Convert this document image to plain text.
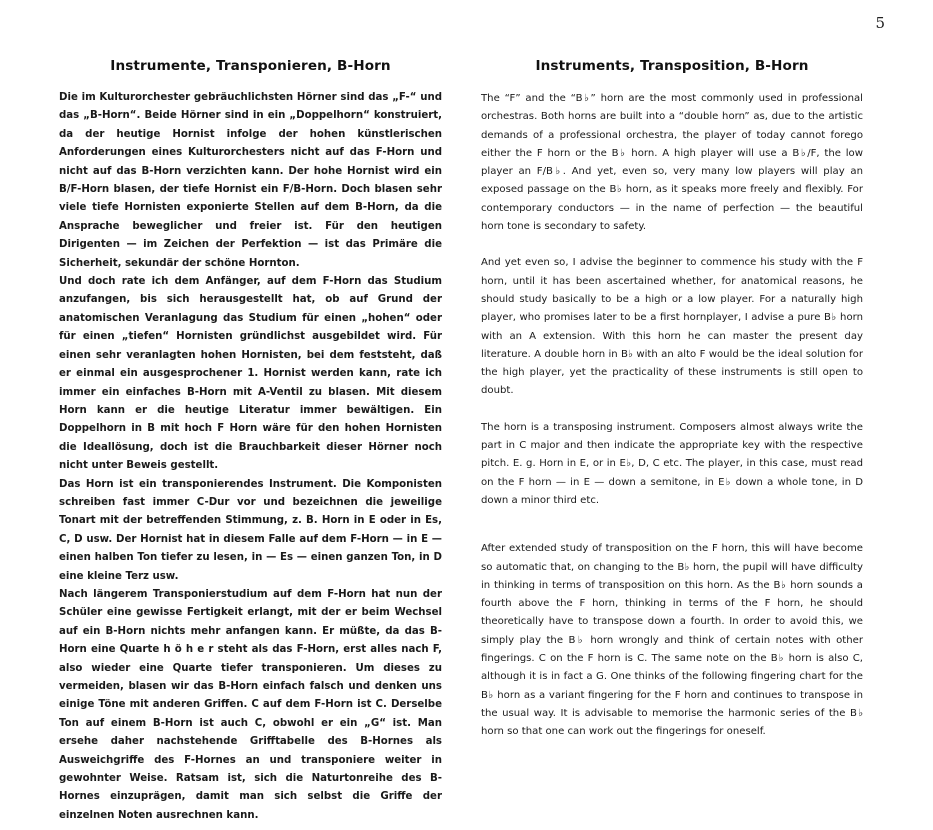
5
Instrumente, Transponieren, B-Horn

Die im Kulturorchester gebräuchlichsten Hörner sind das „F-“ und das „B-Horn“. Beide Hörner sind in ein „Doppelhorn“ konstruiert, da der heutige Hornist infolge der hohen künstlerischen Anforderungen eines Kulturorchesters nicht auf das F-Horn und nicht auf das B-Horn verzichten kann. Der hohe Hornist wird ein B/F-Horn blasen, der tiefe Hornist ein F/B-Horn. Doch blasen sehr viele tiefe Hornisten exponierte Stellen auf dem B-Horn, da die Ansprache beweglicher und freier ist. Für den heutigen Dirigenten — im Zeichen der Perfektion — ist das Primäre die Sicherheit, sekundär der schöne Hornton.

Und doch rate ich dem Anfänger, auf dem F-Horn das Studium anzufangen, bis sich herausgestellt hat, ob auf Grund der anatomischen Veranlagung das Studium für einen „hohen“ oder für einen „tiefen“ Hornisten gründlichst ausgebildet wird. Für einen sehr veranlagten hohen Hornisten, bei dem feststeht, daß er einmal ein ausgesprochener 1. Hornist werden kann, rate ich immer ein einfaches B-Horn mit A-Ventil zu blasen. Mit diesem Horn kann er die heutige Literatur immer bewältigen. Ein Doppelhorn in B mit hoch F Horn wäre für den hohen Hornisten die Ideallösung, doch ist die Brauchbarkeit dieser Hörner noch nicht unter Beweis gestellt.

Das Horn ist ein transponierendes Instrument. Die Komponisten schreiben fast immer C-Dur vor und bezeichnen die jeweilige Tonart mit der betreffenden Stimmung, z. B. Horn in E oder in Es, C, D usw. Der Hornist hat in diesem Falle auf dem F-Horn — in E — einen halben Ton tiefer zu lesen, in — Es — einen ganzen Ton, in D eine kleine Terz usw.

Nach längerem Transponierstudium auf dem F-Horn hat nun der Schüler eine gewisse Fertigkeit erlangt, mit der er beim Wechsel auf ein B-Horn nichts mehr anfangen kann. Er müßte, da das B-Horn eine Quarte h ö h e r steht als das F-Horn, erst alles nach F, also wieder eine Quarte tiefer transponieren. Um dieses zu vermeiden, blasen wir das B-Horn einfach falsch und denken uns einige Töne mit anderen Griffen. C auf dem F-Horn ist C. Derselbe Ton auf einem B-Horn ist auch C, obwohl er ein „G“ ist. Man ersehe daher nachstehende Grifftabelle des B-Hornes als Ausweichgriffe des F-Hornes an und transponiere weiter in gewohnter Weise. Ratsam ist, sich die Naturtonreihe des B-Hornes einzuprägen, damit man sich selbst die Griffe der einzelnen Noten ausrechnen kann.

Instruments, Transposition, B-Horn

The “F” and the “B♭” horn are the most commonly used in professional orchestras. Both horns are built into a “double horn” as, due to the artistic demands of a professional orchestra, the player of today cannot forego either the F horn or the B♭ horn. A high player will use a B♭/F, the low player an F/B♭. And yet, even so, very many low players will play an exposed passage on the B♭ horn, as it speaks more freely and flexibly. For contemporary conductors — in the name of perfection — the beautiful horn tone is secondary to safety.

And yet even so, I advise the beginner to commence his study with the F horn, until it has been ascertained whether, for anatomical reasons, he should study basically to be a high or a low player. For a naturally high player, who promises later to be a first hornplayer, I advise a pure B♭ horn with an A extension. With this horn he can master the present day literature. A double horn in B♭ with an alto F would be the ideal solution for the high player, yet the practicality of these instruments is still open to doubt.

The horn is a transposing instrument. Composers almost always write the part in C major and then indicate the appropriate key with the respective pitch. E. g. Horn in E, or in E♭, D, C etc. The player, in this case, must read on the F horn — in E — down a semitone, in E♭ down a whole tone, in D down a minor third etc.

After extended study of transposition on the F horn, this will have become so automatic that, on changing to the B♭ horn, the pupil will have difficulty in thinking in terms of transposition on this horn. As the B♭ horn sounds a fourth above the F horn, thinking in terms of the F horn, he should theoretically have to transpose down a fourth. In order to avoid this, we simply play the B♭ horn wrongly and think of certain notes with other fingerings. C on the F horn is C. The same note on the B♭ horn is also C, although it is in fact a G. One thinks of the following fingering chart for the B♭ horn as a variant fingering for the F horn and continues to transpose in the usual way. It is advisable to memorise the harmonic series of the B♭ horn so that one can work out the fingerings for oneself.
